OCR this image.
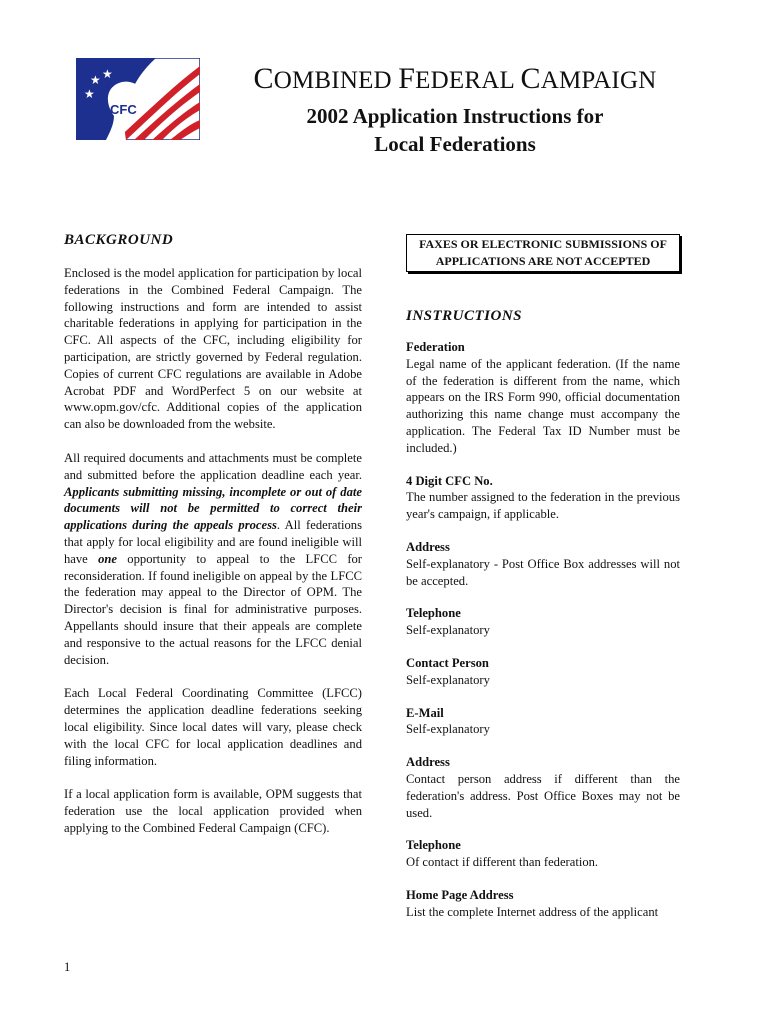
★ ★
★
CFC
COMBINED FEDERAL CAMPAIGN
2002 Application Instructions for
Local Federations
BACKGROUND

Enclosed is the model application for participation by local federations in the Combined Federal Campaign. The following instructions and form are intended to assist charitable federations in applying for participation in the CFC. All aspects of the CFC, including eligibility for participation, are strictly governed by Federal regulation. Copies of current CFC regulations are available in Adobe Acrobat PDF and WordPerfect 5 on our website at www.opm.gov/cfc. Additional copies of the application can also be downloaded from the website.

All required documents and attachments must be complete and submitted before the application deadline each year. Applicants submitting missing, incomplete or out of date documents will not be permitted to correct their applications during the appeals process. All federations that apply for local eligibility and are found ineligible will have one opportunity to appeal to the LFCC for reconsideration. If found ineligible on appeal by the LFCC the federation may appeal to the Director of OPM. The Director's decision is final for administrative purposes. Appellants should insure that their appeals are complete and responsive to the actual reasons for the LFCC denial decision.

Each Local Federal Coordinating Committee (LFCC) determines the application deadline federations seeking local eligibility. Since local dates will vary, please check with the local CFC for local application deadlines and filing information.

If a local application form is available, OPM suggests that federation use the local application provided when applying to the Combined Federal Campaign (CFC).

FAXES OR ELECTRONIC SUBMISSIONS OF
APPLICATIONS ARE NOT ACCEPTED
INSTRUCTIONS
Federation
Legal name of the applicant federation. (If the name of the federation is different from the name, which appears on the IRS Form 990, official documentation authorizing this name change must accompany the application. The Federal Tax ID Number must be included.)
4 Digit CFC No.
The number assigned to the federation in the previous year's campaign, if applicable.
Address
Self-explanatory - Post Office Box addresses will not be accepted.
Telephone
Self-explanatory
Contact Person
Self-explanatory
E-Mail
Self-explanatory
Address
Contact person address if different than the federation's address. Post Office Boxes may not be used.
Telephone
Of contact if different than federation.
Home Page Address
List the complete Internet address of the applicant
1
